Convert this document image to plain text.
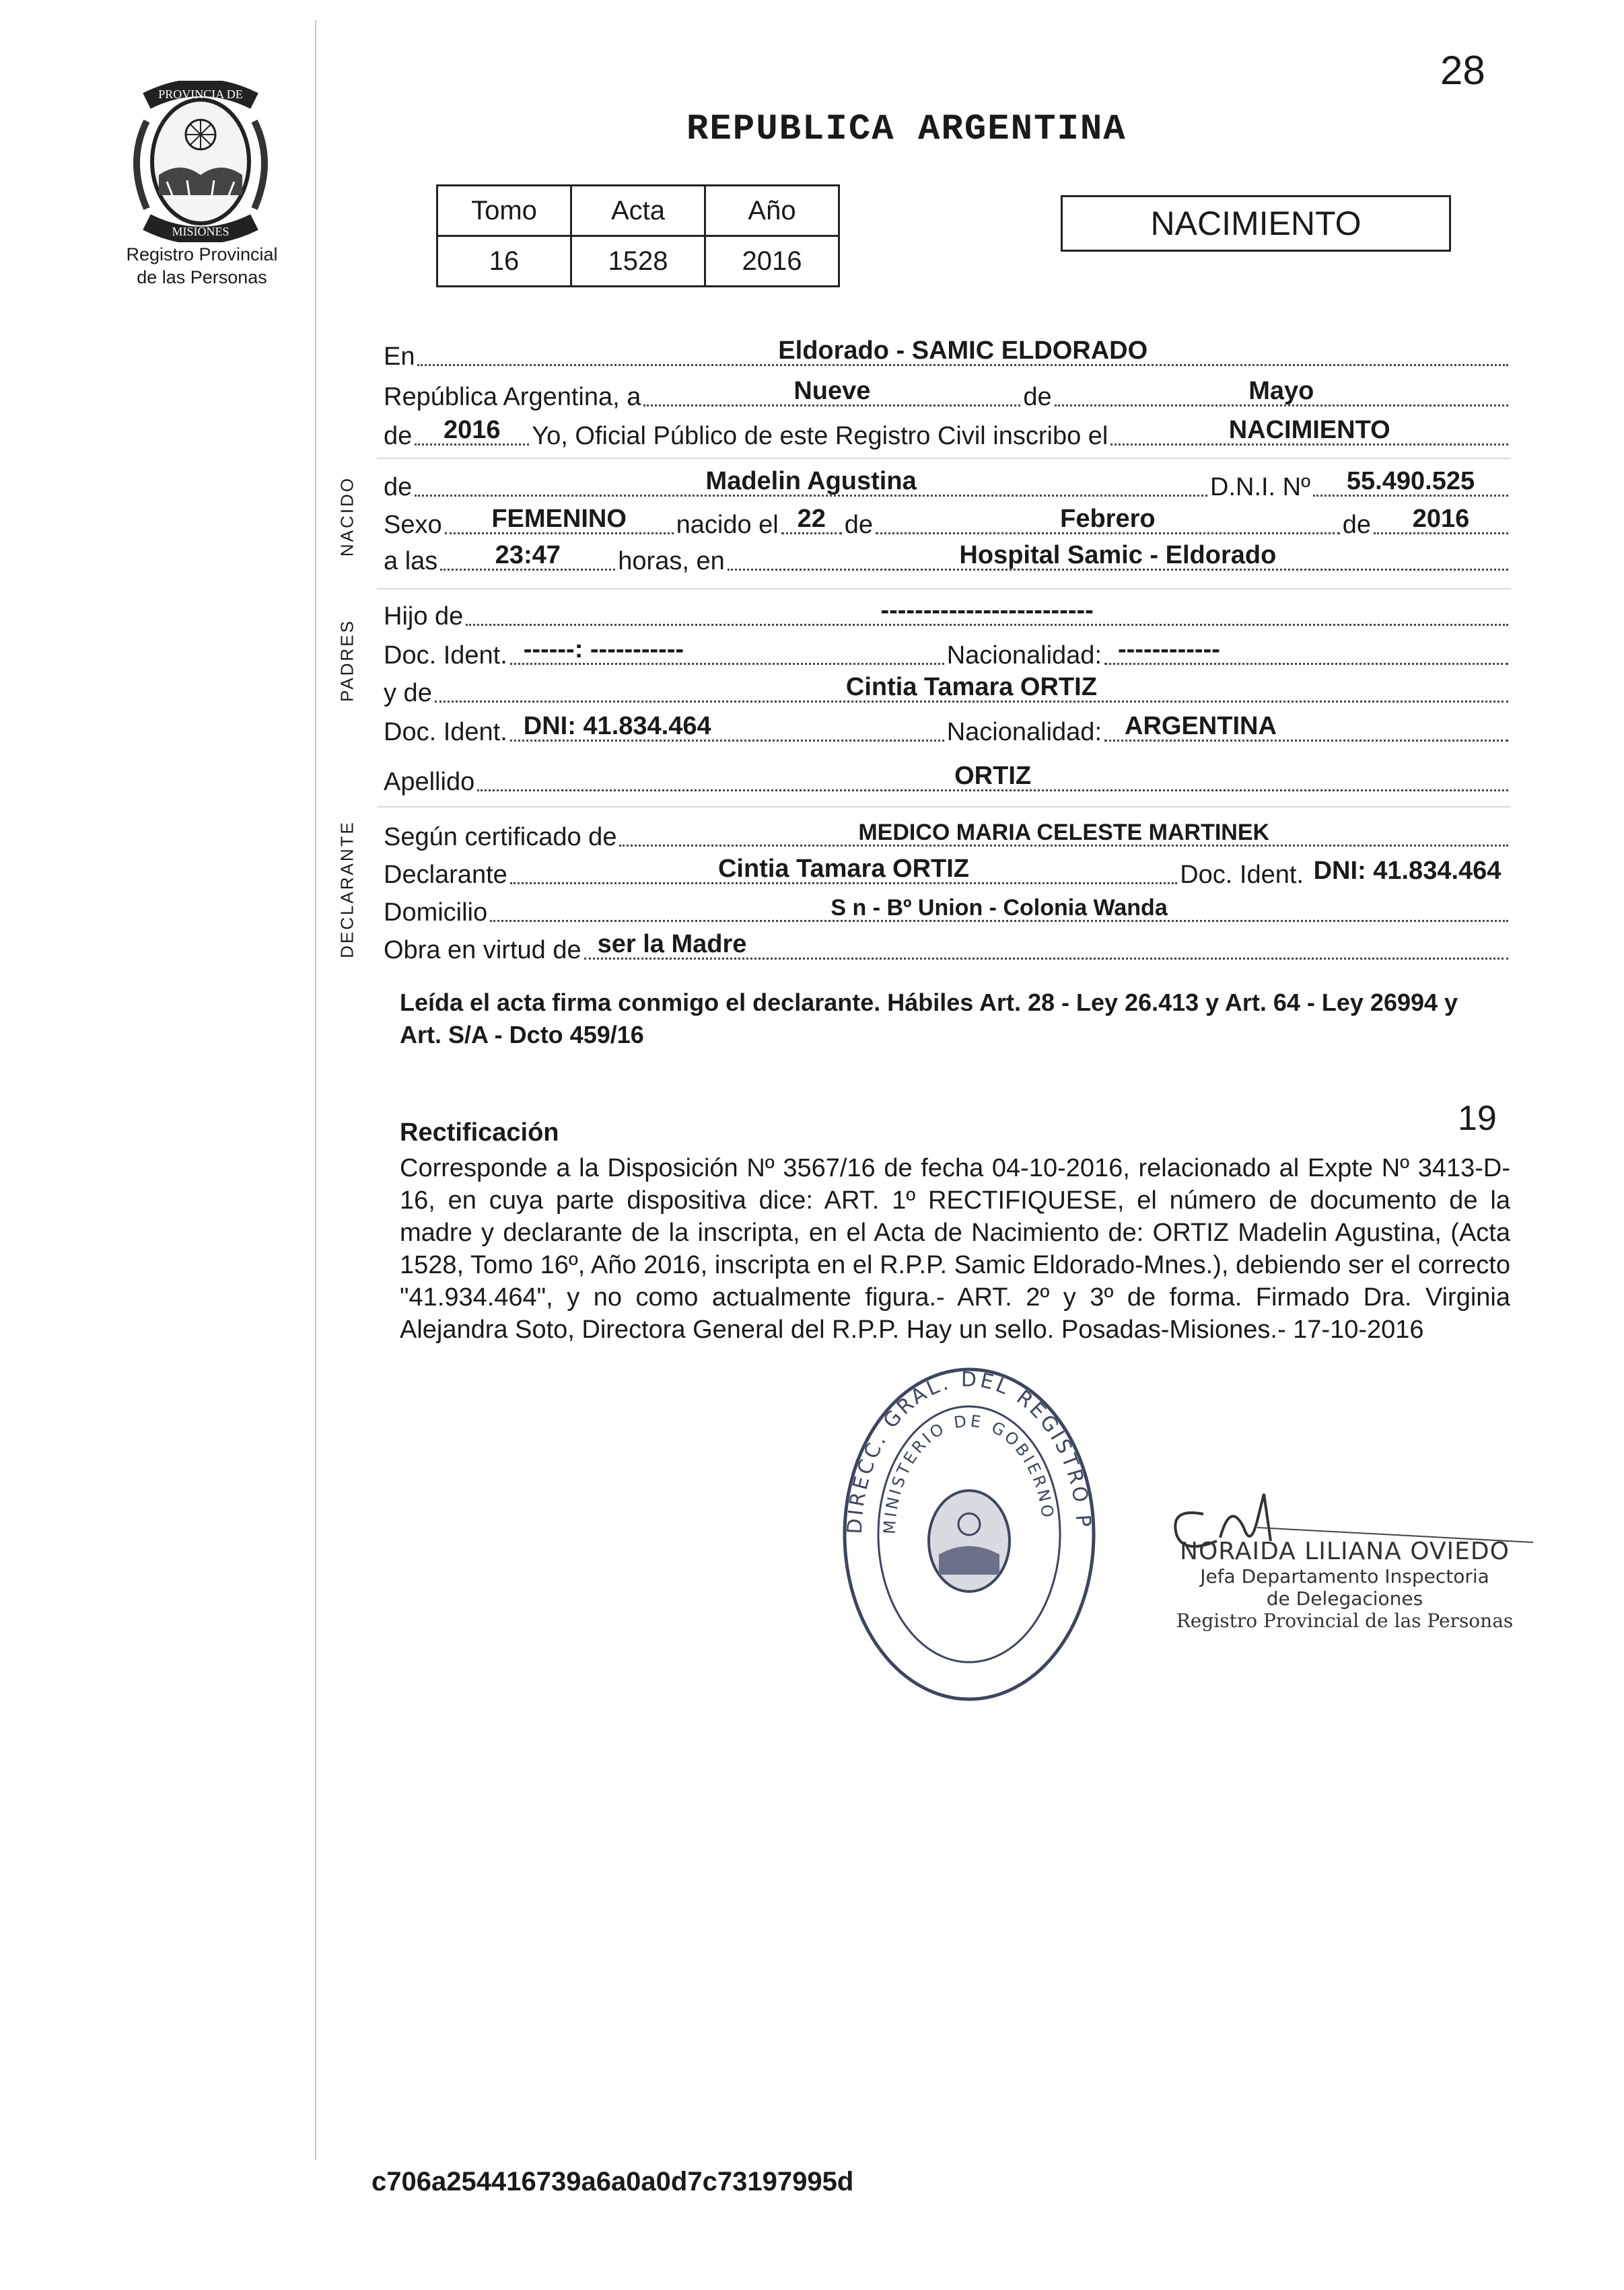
28
PROVINCIA DE
MISIONES
Registro Provincial
de las Personas
REPUBLICA ARGENTINA
Tomo	Acta	Año
16	1528	2016
NACIMIENTO
NACIDO
PADRES
DECLARANTE
En	Eldorado - SAMIC ELDORADO
República Argentina, a	Nueve	de	Mayo
de	2016	Yo, Oficial Público de este Registro Civil inscribo el	NACIMIENTO
de	Madelin Agustina	D.N.I. Nº	55.490.525
Sexo	FEMENINO	nacido el 22 de	Febrero	de	2016
a las	23:47	horas, en	Hospital Samic - Eldorado
Hijo de	-------------------------
Doc. Ident. ------: -----------	Nacionalidad: ------------
y de	Cintia Tamara ORTIZ
Doc. Ident. DNI: 41.834.464	Nacionalidad: ARGENTINA
Apellido	ORTIZ
Según certificado de	MEDICO MARIA CELESTE MARTINEK
Declarante	Cintia Tamara ORTIZ	Doc. Ident. DNI: 41.834.464
Domicilio	S n - Bº Union - Colonia Wanda
Obra en virtud de ser la Madre
Leída el acta firma conmigo el declarante. Hábiles Art. 28 - Ley 26.413 y Art. 64 - Ley 26994 y Art. S/A - Dcto 459/16
19
Rectificación
Corresponde a la Disposición Nº 3567/16 de fecha 04-10-2016, relacionado al Expte Nº 3413-D-16, en cuya parte dispositiva dice: ART. 1º RECTIFIQUESE, el número de documento de la madre y declarante de la inscripta, en el Acta de Nacimiento de: ORTIZ Madelin Agustina, (Acta 1528, Tomo 16º, Año 2016, inscripta en el R.P.P. Samic Eldorado-Mnes.), debiendo ser el correcto "41.934.464", y no como actualmente figura.- ART. 2º y 3º de forma. Firmado Dra. Virginia Alejandra Soto, Directora General del R.P.P. Hay un sello. Posadas-Misiones.- 17-10-2016
DIRECC. GRAL. DEL REGISTRO P
MINISTERIO DE GOBIERNO
NORAIDA LILIANA OVIEDO
Jefa Departamento Inspectoria
de Delegaciones
Registro Provincial de las Personas
c706a254416739a6a0a0d7c73197995d
